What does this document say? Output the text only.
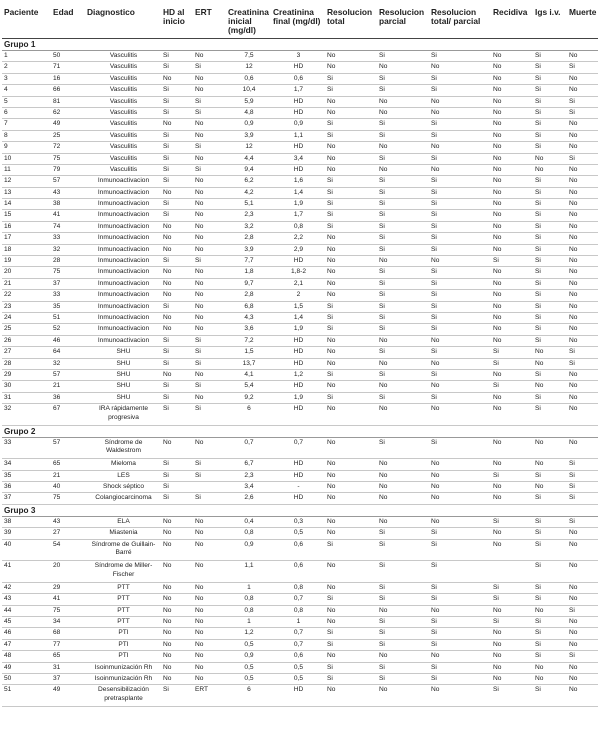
Paciente	Edad	Diagnostico	HD al inicio	ERT	Creatinina inicial (mg/dl)	Creatinina final (mg/dl)	Resolucion total	Resolucion parcial	Resolucion total/ parcial	Recidiva	Igs i.v.	Muerte
Grupo 1												
1	50	Vasculitis	Si	No	7,5	3	No	Si	Si	No	Si	No
2	71	Vasculitis	Si	Si	12	HD	No	No	No	No	Si	Si
3	16	Vasculitis	No	No	0,6	0,6	Si	Si	Si	No	Si	No
4	66	Vasculitis	Si	No	10,4	1,7	Si	Si	Si	No	Si	No
5	81	Vasculitis	Si	Si	5,9	HD	No	No	No	No	Si	Si
6	62	Vasculitis	Si	Si	4,8	HD	No	No	No	No	Si	Si
7	49	Vasculitis	No	No	0,9	0,9	Si	Si	Si	No	Si	No
8	25	Vasculitis	Si	No	3,9	1,1	Si	Si	Si	No	Si	No
9	72	Vasculitis	Si	Si	12	HD	No	No	No	No	Si	No
10	75	Vasculitis	Si	No	4,4	3,4	No	Si	Si	No	No	Si
11	79	Vasculitis	Si	Si	9,4	HD	No	No	No	No	No	No
12	57	Inmunoactivacion	Si	No	6,2	1,6	Si	Si	Si	No	Si	No
13	43	Inmunoactivacion	No	No	4,2	1,4	Si	Si	Si	No	Si	No
14	38	Inmunoactivacion	Si	No	5,1	1,9	Si	Si	Si	No	Si	No
15	41	Inmunoactivacion	Si	No	2,3	1,7	Si	Si	Si	No	Si	No
16	74	Inmunoactivacion	No	No	3,2	0,8	Si	Si	Si	No	Si	No
17	33	Inmunoactivacion	No	No	2,8	2,2	No	Si	Si	No	Si	No
18	32	Inmunoactivacion	No	No	3,9	2,9	No	Si	Si	No	Si	No
19	28	Inmunoactivacion	Si	Si	7,7	HD	No	No	No	Si	Si	No
20	75	Inmunoactivacion	No	No	1,8	1,8-2	No	Si	Si	No	Si	No
21	37	Inmunoactivacion	No	No	9,7	2,1	No	Si	Si	No	Si	No
22	33	Inmunoactivacion	No	No	2,8	2	No	Si	Si	No	Si	No
23	35	Inmunoactivacion	Si	No	6,8	1,5	Si	Si	Si	No	Si	No
24	51	Inmunoactivacion	No	No	4,3	1,4	Si	Si	Si	No	Si	No
25	52	Inmunoactivacion	No	No	3,6	1,9	Si	Si	Si	No	Si	No
26	46	Inmunoactivacion	Si	Si	7,2	HD	No	No	No	No	Si	No
27	64	SHU	Si	Si	1,5	HD	No	Si	Si	Si	No	Si
28	32	SHU	Si	Si	13,7	HD	No	No	No	Si	No	Si
29	57	SHU	No	No	4,1	1,2	Si	Si	Si	No	Si	No
30	21	SHU	Si	Si	5,4	HD	No	No	No	Si	No	No
31	36	SHU	Si	No	9,2	1,9	Si	Si	Si	No	Si	No
32	67	IRA rápidamente progresiva	Si	Si	6	HD	No	No	No	No	Si	No
Grupo 2												
33	57	Síndrome de Waldestrom	No	No	0,7	0,7	No	Si	Si	No	No	No
34	65	Mieloma	Si	Si	6,7	HD	No	No	No	No	No	Si
35	21	LES	Si	Si	2,3	HD	No	No	No	Si	Si	Si
36	40	Shock séptico	Si		3,4	-	No	No	No	No	No	Si
37	75	Colangiocarcinoma	Si	Si	2,6	HD	No	No	No	No	Si	Si
Grupo 3												
38	43	ELA	No	No	0,4	0,3	No	No	No	Si	Si	Si
39	27	Miastenia	No	No	0,8	0,5	No	Si	Si	No	Si	No
40	54	Síndrome de Guillain-Barré	No	No	0,9	0,6	Si	Si	Si	No	Si	No
41	20	Síndrome de Miller-Fischer	No	No	1,1	0,6	No	Si	Si		Si	No
42	29	PTT	No	No	1	0,8	No	Si	Si	Si	Si	No
43	41	PTT	No	No	0,8	0,7	Si	Si	Si	Si	Si	No
44	75	PTT	No	No	0,8	0,8	No	No	No	No	No	Si
45	34	PTT	No	No	1	1	No	Si	Si	Si	Si	No
46	68	PTI	No	No	1,2	0,7	Si	Si	Si	No	Si	No
47	77	PTI	No	No	0,5	0,7	Si	Si	Si	No	Si	No
48	65	PTI	No	No	0,9	0,6	No	No	No	No	Si	Si
49	31	Isoinmunización Rh	No	No	0,5	0,5	Si	Si	Si	No	No	No
50	37	Isoinmunización Rh	No	No	0,5	0,5	Si	Si	Si	No	No	No
51	49	Desensibilización pretrasplante	Si	ERT	6	HD	No	No	No	Si	Si	No
